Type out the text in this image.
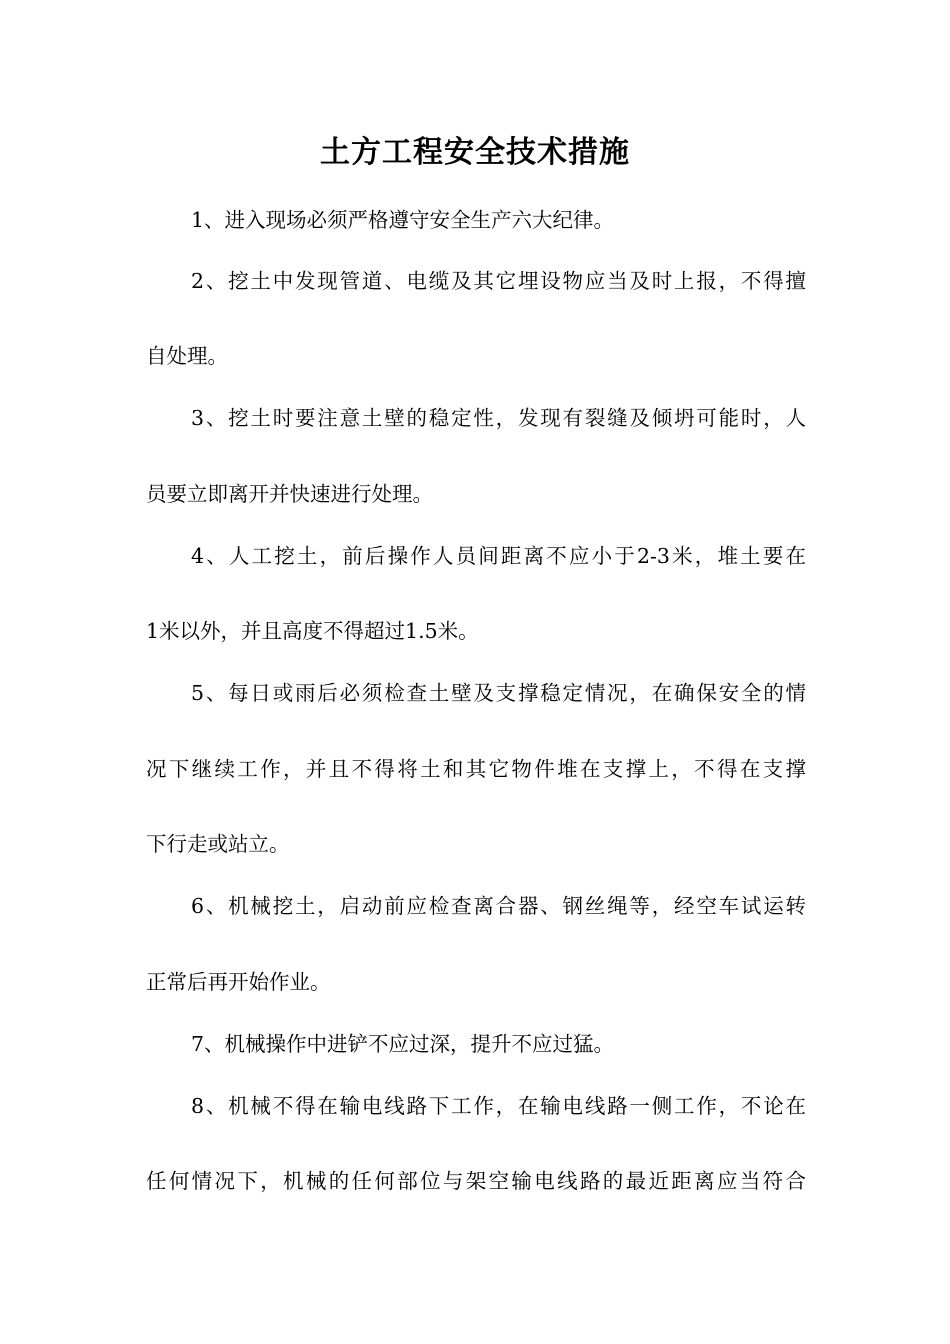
土方工程安全技术措施

1、进入现场必须严格遵守安全生产六大纪律。

2、挖土中发现管道、电缆及其它埋设物应当及时上报，不得擅

自处理。

3、挖土时要注意土壁的稳定性，发现有裂缝及倾坍可能时，人

员要立即离开并快速进行处理。

4、人工挖土，前后操作人员间距离不应小于2-3米，堆土要在

1米以外，并且高度不得超过1.5米。

5、每日或雨后必须检查土壁及支撑稳定情况，在确保安全的情

况下继续工作，并且不得将土和其它物件堆在支撑上，不得在支撑

下行走或站立。

6、机械挖土，启动前应检查离合器、钢丝绳等，经空车试运转

正常后再开始作业。

7、机械操作中进铲不应过深，提升不应过猛。

8、机械不得在输电线路下工作，在输电线路一侧工作，不论在

任何情况下，机械的任何部位与架空输电线路的最近距离应当符合
